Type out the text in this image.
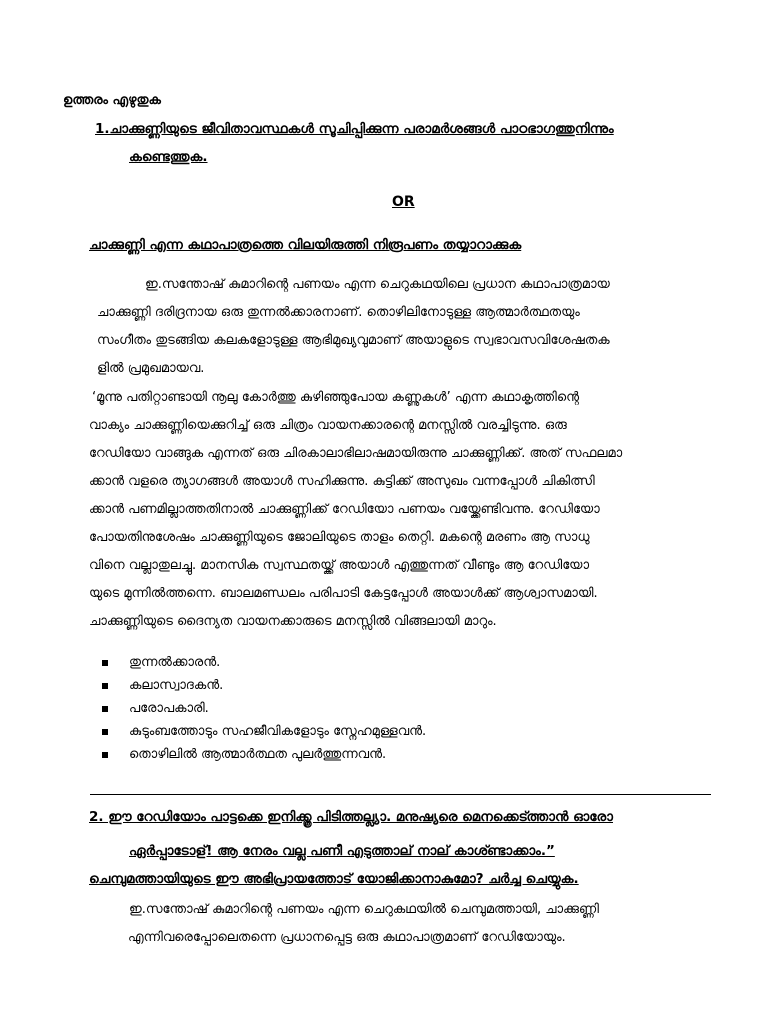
ഉത്തരം എഴുതുക
1.ചാക്കുണ്ണിയുടെ ജീവിതാവസ്ഥകൾ സൂചിപ്പിക്കുന്ന പരാമർശങ്ങൾ പാഠഭാഗത്തുനിന്നും
കണ്ടെത്തുക.
OR
ചാക്കുണ്ണി എന്ന കഥാപാത്രത്തെ വിലയിരുത്തി നിരൂപണം തയ്യാറാക്കുക
ഇ.സന്തോഷ് കുമാറിന്റെ പണയം എന്ന ചെറുകഥയിലെ പ്രധാന കഥാപാത്രമായ
ചാക്കുണ്ണി ദരിദ്രനായ ഒരു തുന്നൽക്കാരനാണ്. തൊഴിലിനോടുള്ള ആത്മാർത്ഥതയും
സംഗീതം തുടങ്ങിയ കലകളോടുള്ള ആഭിമുഖ്യവുമാണ് അയാളുടെ സ്വഭാവസവിശേഷതക
ളിൽ പ്രമുഖമായവ.
‘മൂന്നു പതിറ്റാണ്ടായി നൂലു കോർത്തു കുഴിഞ്ഞുപോയ കണ്ണുകൾ’ എന്ന കഥാകൃത്തിന്റെ
വാക്യം ചാക്കുണ്ണിയെക്കുറിച്ച് ഒരു ചിത്രം വായനക്കാരന്റെ മനസ്സിൽ വരച്ചിടുന്നു. ഒരു
റേഡിയോ വാങ്ങുക എന്നത് ഒരു ചിരകാലാഭിലാഷമായിരുന്നു ചാക്കുണ്ണിക്ക്. അത് സഫലമാ
ക്കാൻ വളരെ ത്യാഗങ്ങൾ അയാൾ സഹിക്കുന്നു. കുട്ടിക്ക് അസുഖം വന്നപ്പോൾ ചികിത്സി
ക്കാൻ പണമില്ലാത്തതിനാൽ ചാക്കുണ്ണിക്ക് റേഡിയോ പണയം വയ്ക്കേണ്ടിവന്നു. റേഡിയോ
പോയതിനുശേഷം ചാക്കുണ്ണിയുടെ ജോലിയുടെ താളം തെറ്റി. മകന്റെ മരണം ആ സാധു
വിനെ വല്ലാതുലച്ചു. മാനസിക സ്വസ്ഥതയ്ക്ക് അയാൾ എത്തുന്നത് വീണ്ടും ആ റേഡിയോ
യുടെ മുന്നിൽത്തന്നെ. ബാലമണ്ഡലം പരിപാടി കേട്ടപ്പോൾ അയാൾക്ക് ആശ്വാസമായി.
ചാക്കുണ്ണിയുടെ ദൈന്യത വായനക്കാരുടെ മനസ്സിൽ വിങ്ങലായി മാറും.
തുന്നൽക്കാരൻ.
കലാസ്വാദകൻ.
പരോപകാരി.
കുടുംബത്തോടും സഹജീവികളോടും സ്നേഹമുള്ളവൻ.
തൊഴിലിൽ ആത്മാർത്ഥത പുലർത്തുന്നവൻ.
2. ഈ റേഡിയോം പാട്ടക്കെ ഇനിക്ക്ത്ര പിടിത്തല്ല്യാ. മനുഷ്യരെ മെനക്കെട്ത്താൻ ഓരോ
ഏർപ്പാടോള്! ആ നേരം വല്ല പണീ എടുത്താല് നാല് കാശ്ണ്ടാക്കാം.”
ചെമ്പുമത്തായിയുടെ ഈ അഭിപ്രായത്തോട് യോജിക്കാനാകുമോ? ചർച്ച ചെയ്യുക.
ഇ.സന്തോഷ് കുമാറിന്റെ പണയം എന്ന ചെറുകഥയിൽ ചെമ്പുമത്തായി, ചാക്കുണ്ണി
എന്നിവരെപ്പോലെതന്നെ പ്രധാനപ്പെട്ട ഒരു കഥാപാത്രമാണ് റേഡിയോയും.
